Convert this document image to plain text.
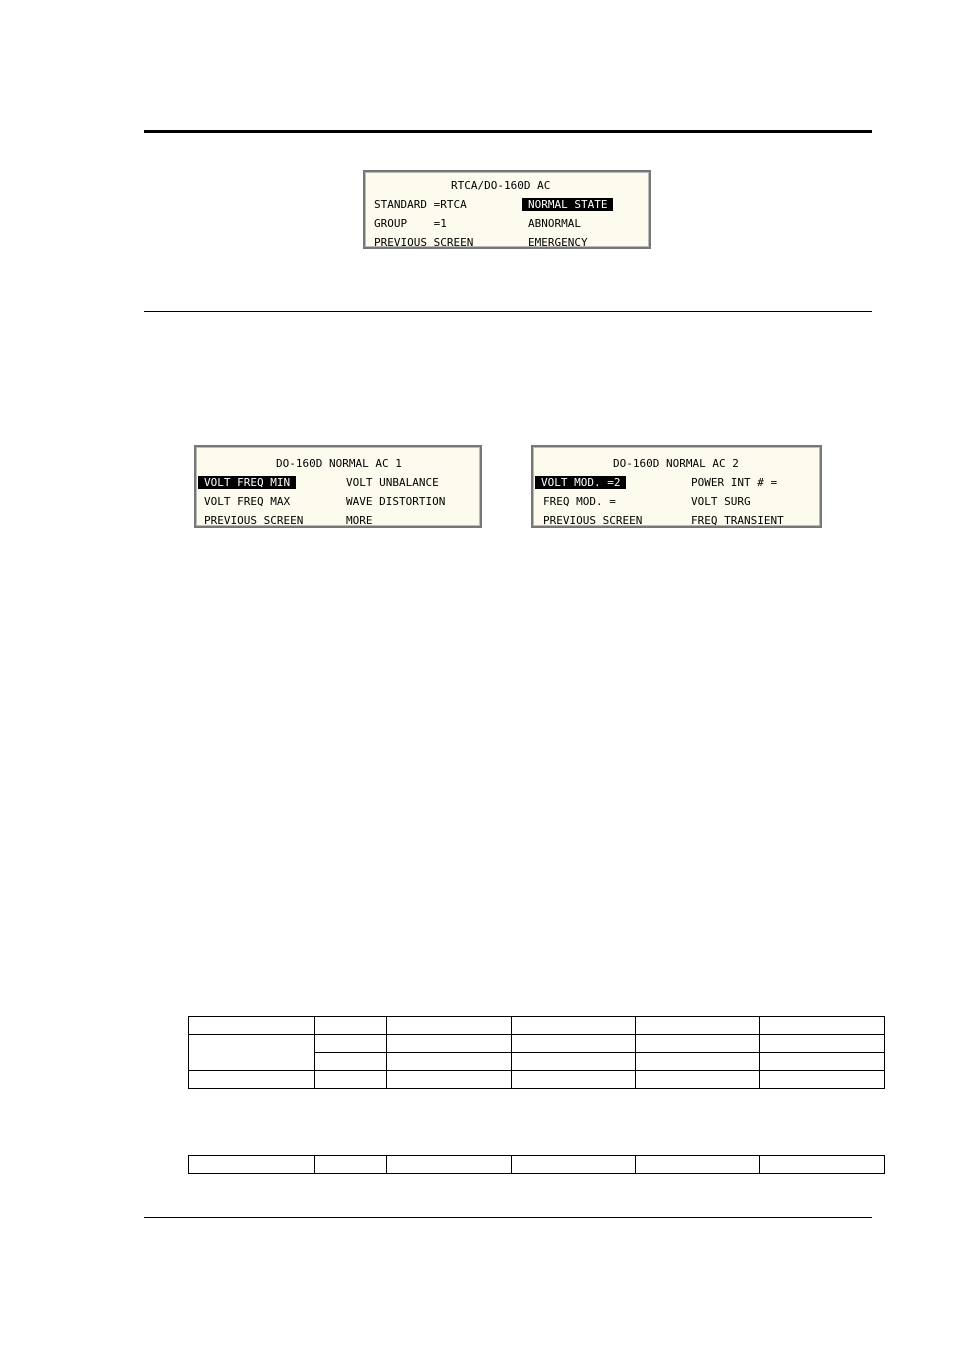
RTCA/DO-160D AC
STANDARD =RTCA
GROUP    =1
PREVIOUS SCREEN
NORMAL STATE
ABNORMAL
EMERGENCY
DO-160D NORMAL AC 1
VOLT FREQ MIN
VOLT FREQ MAX
PREVIOUS SCREEN
VOLT UNBALANCE
WAVE DISTORTION
MORE
DO-160D NORMAL AC 2
VOLT MOD. =2
FREQ MOD. =
PREVIOUS SCREEN
POWER INT # =
VOLT SURG
FREQ TRANSIENT
